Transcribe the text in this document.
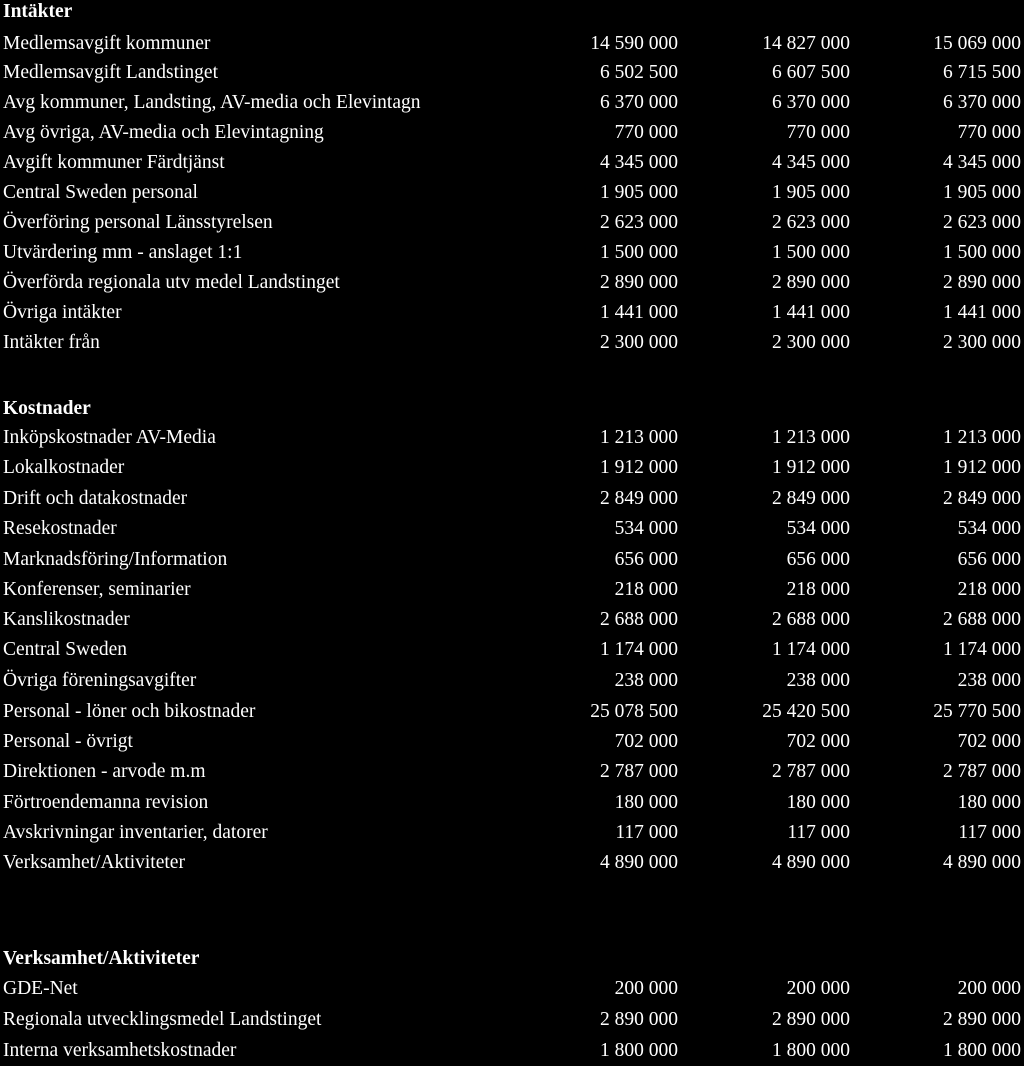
Intäkter
Medlemsavgift kommuner	14 590 000	14 827 000	15 069 000
Medlemsavgift Landstinget	6 502 500	6 607 500	6 715 500
Avg kommuner, Landsting, AV-media och Elevintagn	6 370 000	6 370 000	6 370 000
Avg övriga, AV-media och Elevintagning	770 000	770 000	770 000
Avgift kommuner Färdtjänst	4 345 000	4 345 000	4 345 000
Central Sweden personal	1 905 000	1 905 000	1 905 000
Överföring personal Länsstyrelsen	2 623 000	2 623 000	2 623 000
Utvärdering mm - anslaget 1:1	1 500 000	1 500 000	1 500 000
Överförda regionala utv medel Landstinget	2 890 000	2 890 000	2 890 000
Övriga intäkter	1 441 000	1 441 000	1 441 000
Intäkter från	2 300 000	2 300 000	2 300 000
Kostnader
Inköpskostnader AV-Media	1 213 000	1 213 000	1 213 000
Lokalkostnader	1 912 000	1 912 000	1 912 000
Drift och datakostnader	2 849 000	2 849 000	2 849 000
Resekostnader	534 000	534 000	534 000
Marknadsföring/Information	656 000	656 000	656 000
Konferenser, seminarier	218 000	218 000	218 000
Kanslikostnader	2 688 000	2 688 000	2 688 000
Central Sweden	1 174 000	1 174 000	1 174 000
Övriga föreningsavgifter	238 000	238 000	238 000
Personal - löner och bikostnader	25 078 500	25 420 500	25 770 500
Personal - övrigt	702 000	702 000	702 000
Direktionen - arvode m.m	2 787 000	2 787 000	2 787 000
Förtroendemanna revision	180 000	180 000	180 000
Avskrivningar inventarier, datorer	117 000	117 000	117 000
Verksamhet/Aktiviteter	4 890 000	4 890 000	4 890 000
Verksamhet/Aktiviteter
GDE-Net	200 000	200 000	200 000
Regionala utvecklingsmedel Landstinget	2 890 000	2 890 000	2 890 000
Interna verksamhetskostnader	1 800 000	1 800 000	1 800 000
